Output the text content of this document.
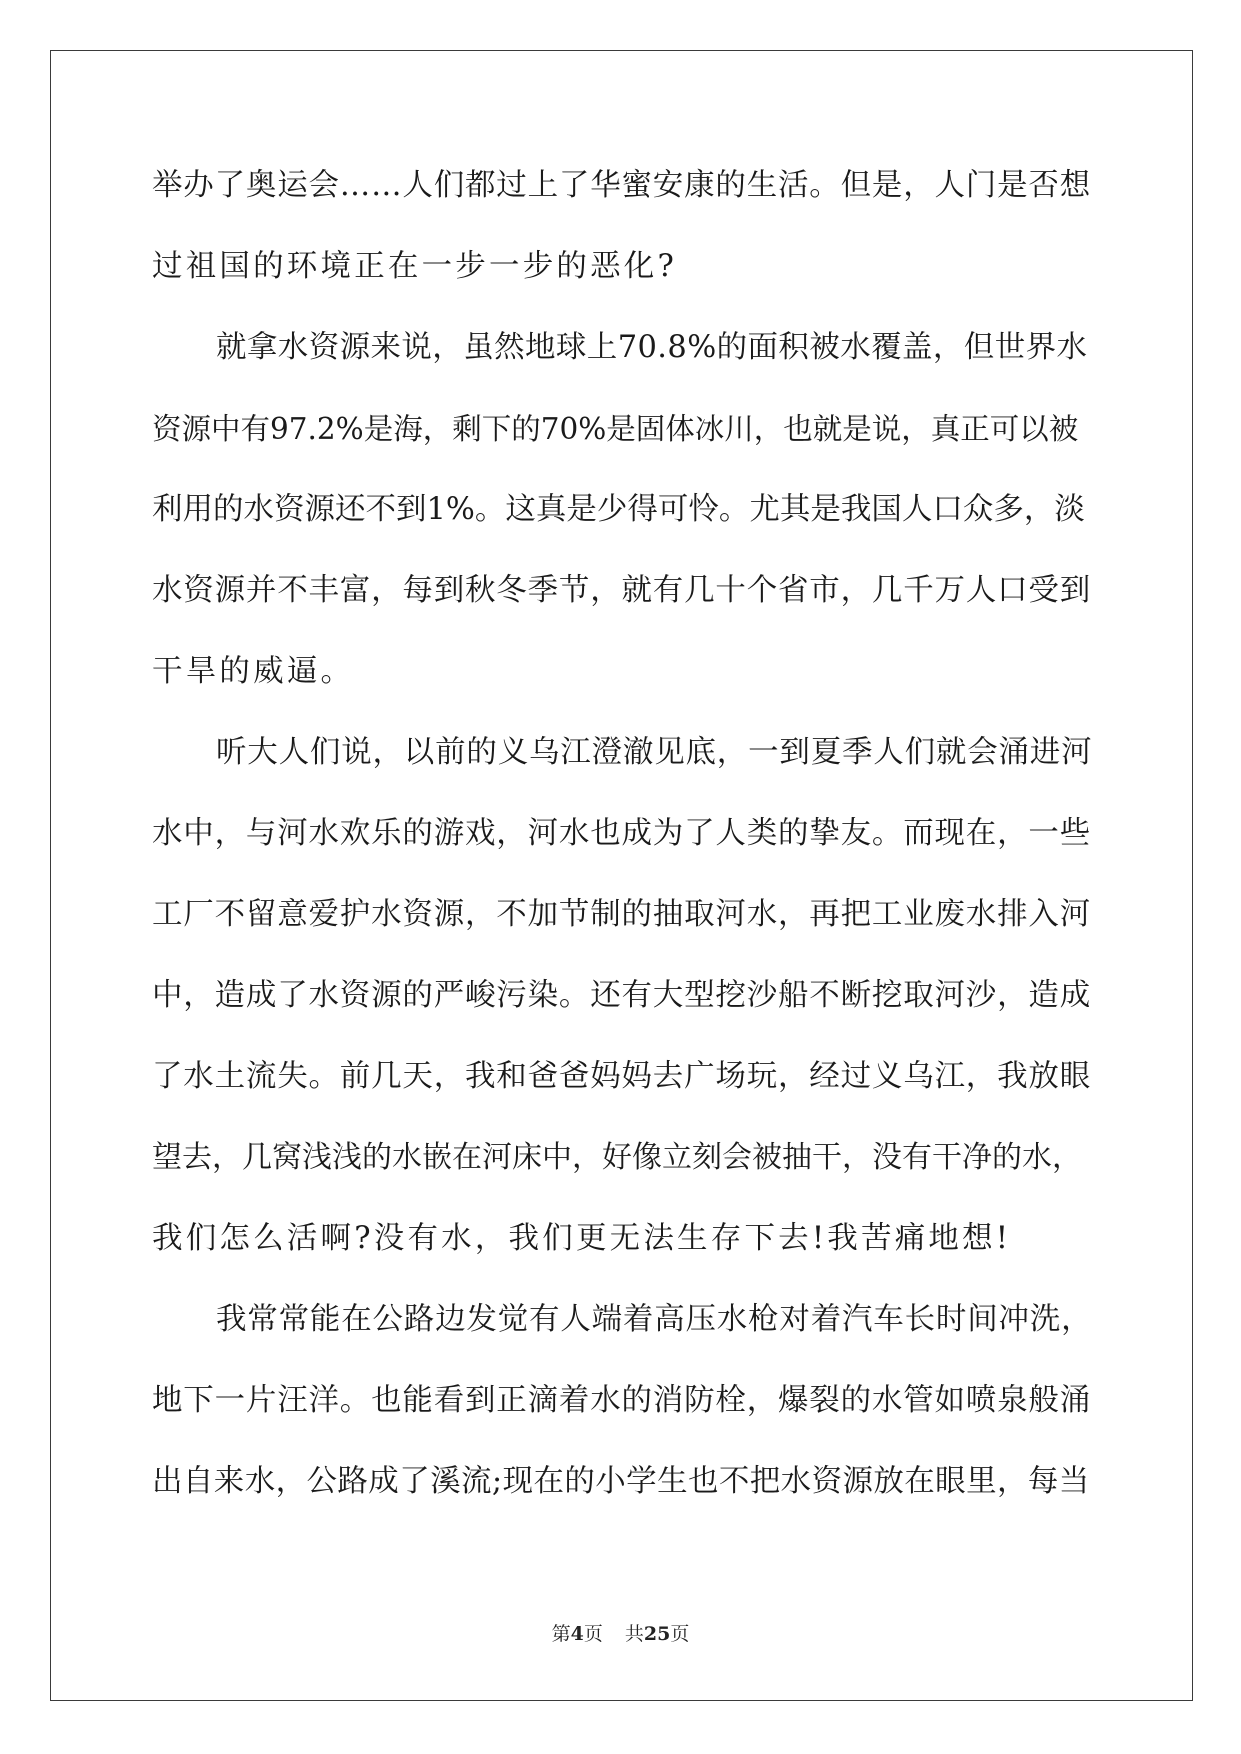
举办了奥运会……人们都过上了华蜜安康的生活。但是，人门是否想
过祖国的环境正在一步一步的恶化?
就拿水资源来说，虽然地球上70.8%的面积被水覆盖，但世界水
资源中有97.2%是海，剩下的70%是固体冰川，也就是说，真正可以被
利用的水资源还不到1%。这真是少得可怜。尤其是我国人口众多，淡
水资源并不丰富，每到秋冬季节，就有几十个省市，几千万人口受到
干旱的威逼。
听大人们说，以前的义乌江澄澈见底，一到夏季人们就会涌进河
水中，与河水欢乐的游戏，河水也成为了人类的挚友。而现在，一些
工厂不留意爱护水资源，不加节制的抽取河水，再把工业废水排入河
中，造成了水资源的严峻污染。还有大型挖沙船不断挖取河沙，造成
了水土流失。前几天，我和爸爸妈妈去广场玩，经过义乌江，我放眼
望去，几窝浅浅的水嵌在河床中，好像立刻会被抽干，没有干净的水，
我们怎么活啊?没有水，我们更无法生存下去!我苦痛地想!
我常常能在公路边发觉有人端着高压水枪对着汽车长时间冲洗，
地下一片汪洋。也能看到正滴着水的消防栓，爆裂的水管如喷泉般涌
出自来水，公路成了溪流;现在的小学生也不把水资源放在眼里，每当
第4页 共25页
